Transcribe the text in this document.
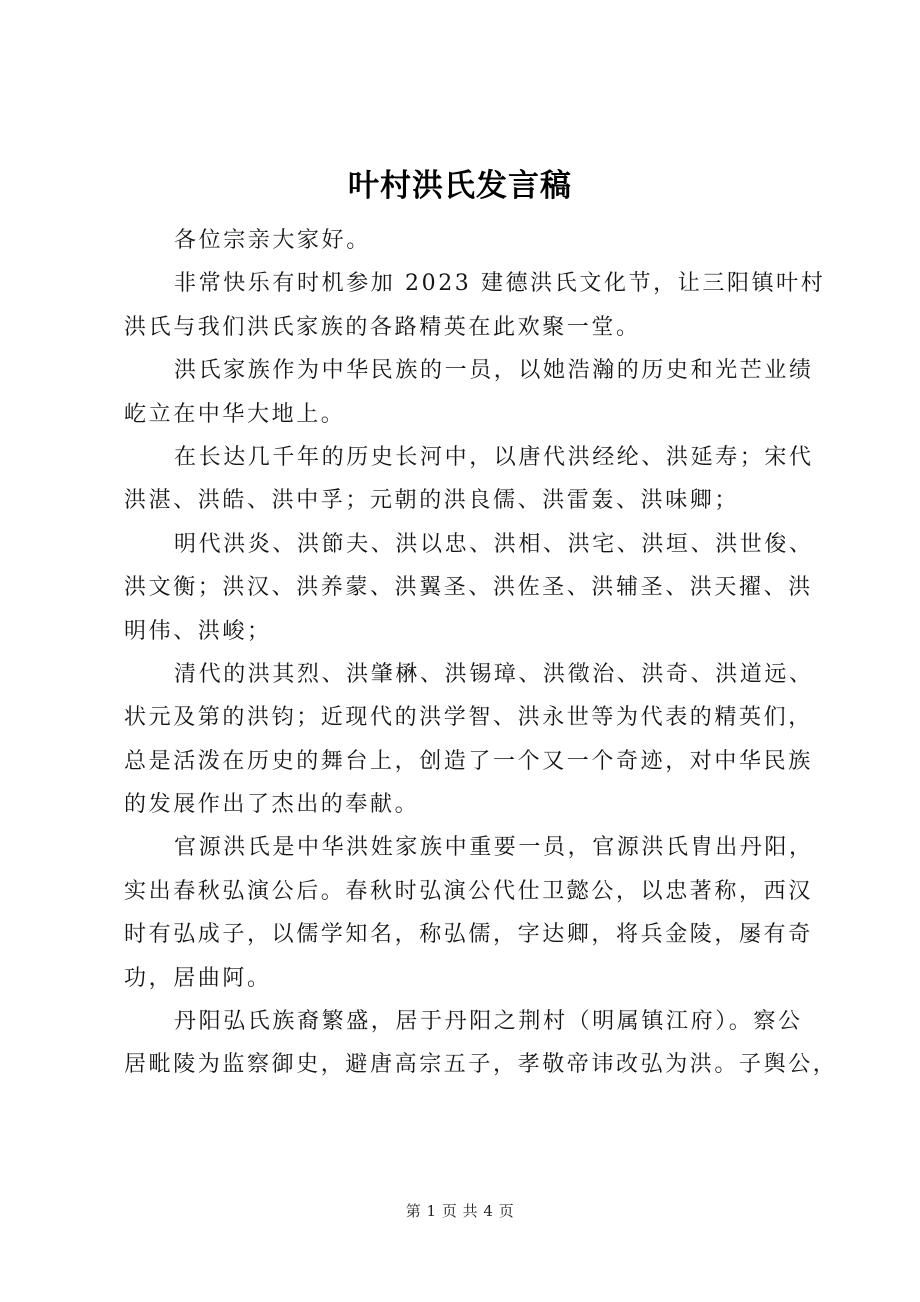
叶村洪氏发言稿
各位宗亲大家好。
非常快乐有时机参加 2023 建德洪氏文化节，让三阳镇叶村
洪氏与我们洪氏家族的各路精英在此欢聚一堂。
洪氏家族作为中华民族的一员，以她浩瀚的历史和光芒业绩
屹立在中华大地上。
在长达几千年的历史长河中，以唐代洪经纶、洪延寿；宋代
洪湛、洪皓、洪中孚；元朝的洪良儒、洪雷轰、洪味卿；
明代洪炎、洪節夫、洪以忠、洪相、洪宅、洪垣、洪世俊、
洪文衡；洪汉、洪养蒙、洪翼圣、洪佐圣、洪辅圣、洪天擢、洪
明伟、洪峻；
清代的洪其烈、洪肇楙、洪锡璋、洪徵治、洪奇、洪道远、
状元及第的洪钧；近现代的洪学智、洪永世等为代表的精英们，
总是活泼在历史的舞台上，创造了一个又一个奇迹，对中华民族
的发展作出了杰出的奉献。
官源洪氏是中华洪姓家族中重要一员，官源洪氏胄出丹阳，
实出春秋弘演公后。春秋时弘演公代仕卫懿公，以忠著称，西汉
时有弘成子，以儒学知名，称弘儒，字达卿，将兵金陵，屡有奇
功，居曲阿。
丹阳弘氏族裔繁盛，居于丹阳之荆村（明属镇江府）。察公
居毗陵为监察御史，避唐高宗五子，孝敬帝讳改弘为洪。子舆公，
第 1 页 共 4 页
